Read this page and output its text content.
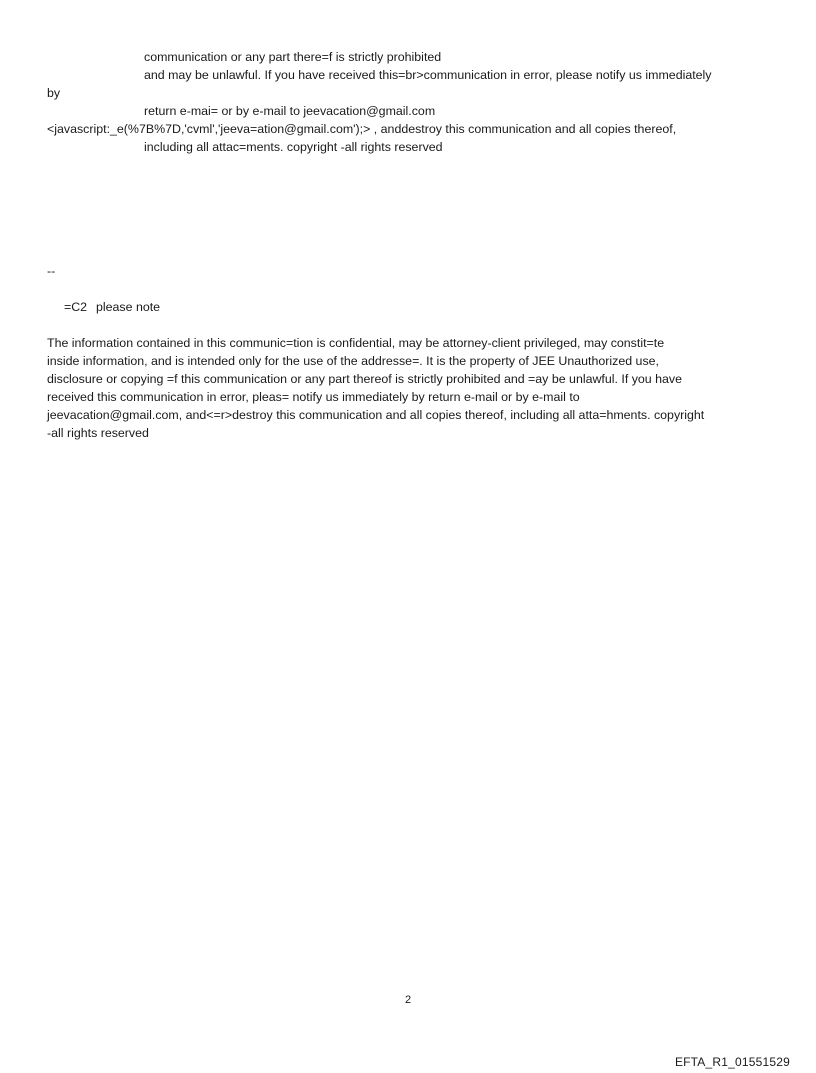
communication or any part there=f is strictly prohibited
and may be unlawful. If you have received this=br>communication in error, please notify us immediately
by
return e-mai= or by e-mail to jeevacation@gmail.com
<javascript:_e(%7B%7D,'cvml','jeeva=ation@gmail.com');> , anddestroy this communication and all copies thereof,
including all attac=ments. copyright -all rights reserved
--
=C2 please note
The information contained in this communic=tion is confidential, may be attorney-client privileged, may constit=te
inside information, and is intended only for the use of the addresse=. It is the property of JEE Unauthorized use,
disclosure or copying =f this communication or any part thereof is strictly prohibited and =ay be unlawful. If you have
received this communication in error, pleas= notify us immediately by return e-mail or by e-mail to
jeevacation@gmail.com, and<=r>destroy this communication and all copies thereof, including all atta=hments. copyright
-all rights reserved
2
EFTA_R1_01551529
